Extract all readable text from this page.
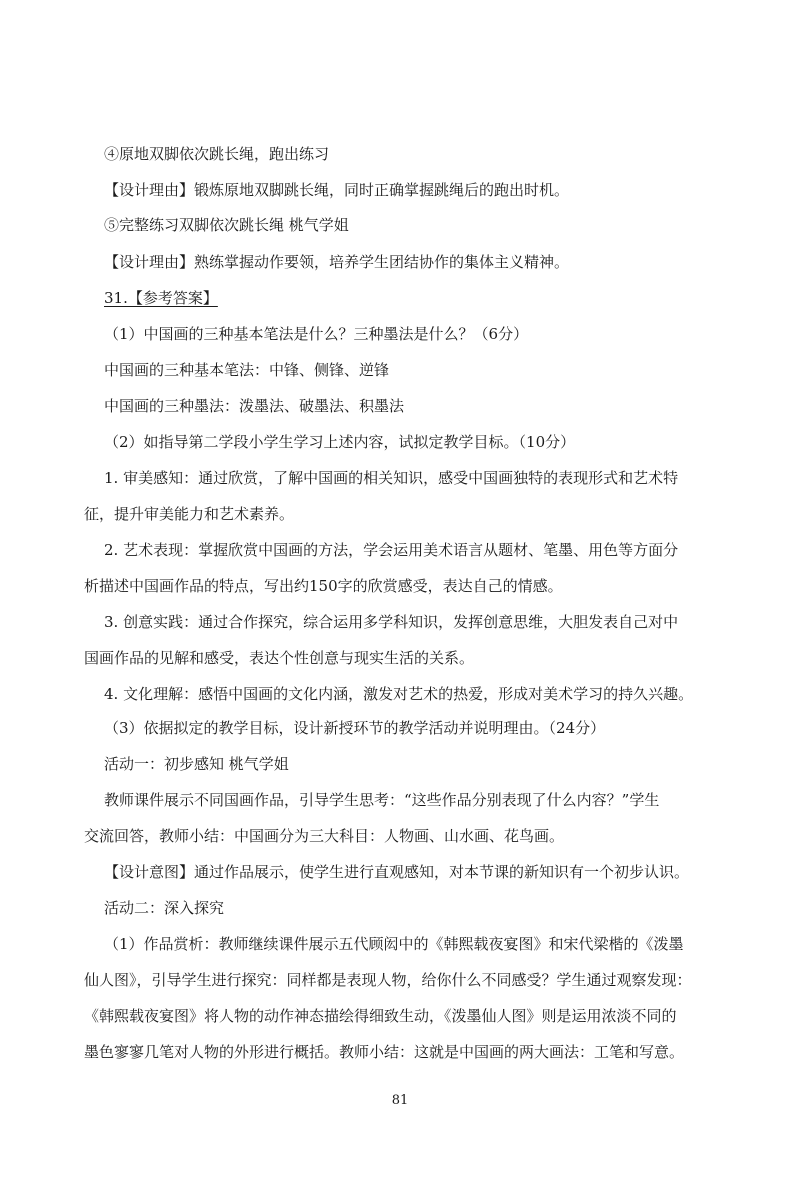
④原地双脚依次跳长绳，跑出练习
【设计理由】锻炼原地双脚跳长绳，同时正确掌握跳绳后的跑出时机。
⑤完整练习双脚依次跳长绳 桃气学姐
【设计理由】熟练掌握动作要领，培养学生团结协作的集体主义精神。
31.【参考答案】
（1）中国画的三种基本笔法是什么？三种墨法是什么？（6分）
中国画的三种基本笔法：中锋、侧锋、逆锋
中国画的三种墨法：泼墨法、破墨法、积墨法
（2）如指导第二学段小学生学习上述内容，试拟定教学目标。（10分）
1. 审美感知：通过欣赏，了解中国画的相关知识，感受中国画独特的表现形式和艺术特
征，提升审美能力和艺术素养。
2. 艺术表现：掌握欣赏中国画的方法，学会运用美术语言从题材、笔墨、用色等方面分
析描述中国画作品的特点，写出约150字的欣赏感受，表达自己的情感。
3. 创意实践：通过合作探究，综合运用多学科知识，发挥创意思维，大胆发表自己对中
国画作品的见解和感受，表达个性创意与现实生活的关系。
4. 文化理解：感悟中国画的文化内涵，激发对艺术的热爱，形成对美术学习的持久兴趣。
（3）依据拟定的教学目标，设计新授环节的教学活动并说明理由。（24分）
活动一：初步感知 桃气学姐
教师课件展示不同国画作品，引导学生思考：“这些作品分别表现了什么内容？”学生
交流回答，教师小结：中国画分为三大科目：人物画、山水画、花鸟画。
【设计意图】通过作品展示，使学生进行直观感知，对本节课的新知识有一个初步认识。
活动二：深入探究
（1）作品赏析：教师继续课件展示五代顾闳中的《韩熙载夜宴图》和宋代梁楷的《泼墨
仙人图》，引导学生进行探究：同样都是表现人物，给你什么不同感受？学生通过观察发现：
《韩熙载夜宴图》将人物的动作神态描绘得细致生动，《泼墨仙人图》则是运用浓淡不同的
墨色寥寥几笔对人物的外形进行概括。教师小结：这就是中国画的两大画法：工笔和写意。
81
